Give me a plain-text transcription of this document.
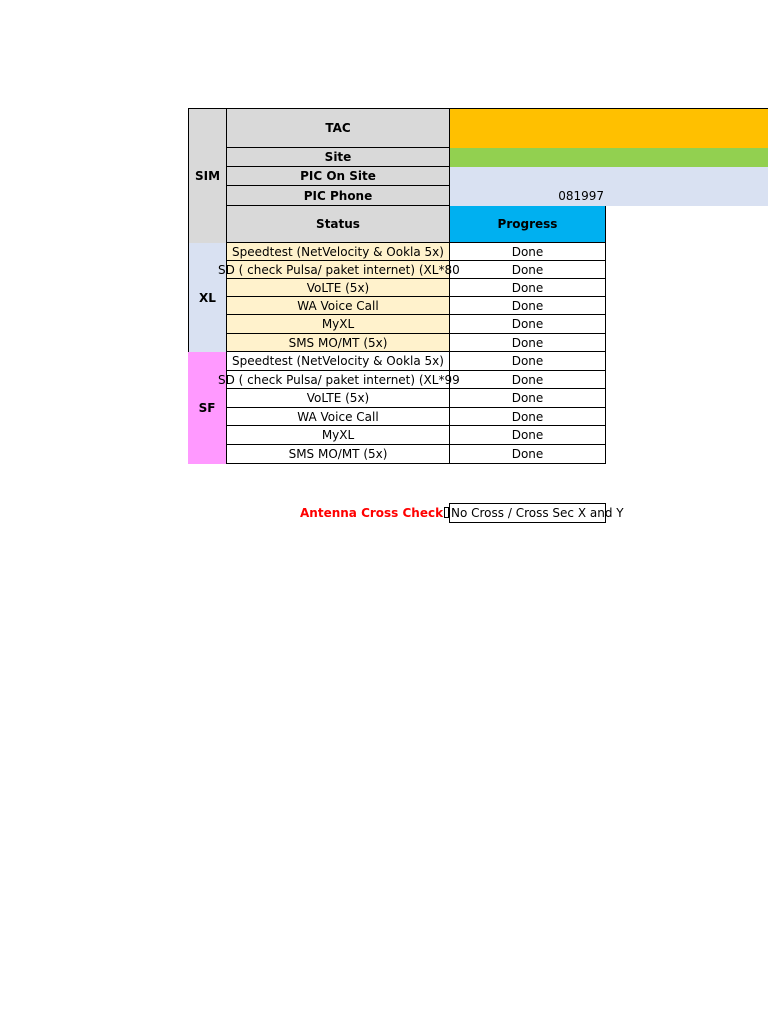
SIM
TAC
Site
PIC On Site
PIC Phone	081997
Status	Progress
XL
Speedtest (NetVelocity & Ookla 5x)	Done
SD ( check Pulsa/ paket internet) (XL*80	Done
VoLTE (5x)	Done
WA Voice Call	Done
MyXL	Done
SMS MO/MT (5x)	Done
SF
Speedtest (NetVelocity & Ookla 5x)	Done
SD ( check Pulsa/ paket internet) (XL*99	Done
VoLTE (5x)	Done
WA Voice Call	Done
MyXL	Done
SMS MO/MT (5x)	Done
Antenna Cross Check No Cross / Cross Sec X and Y
